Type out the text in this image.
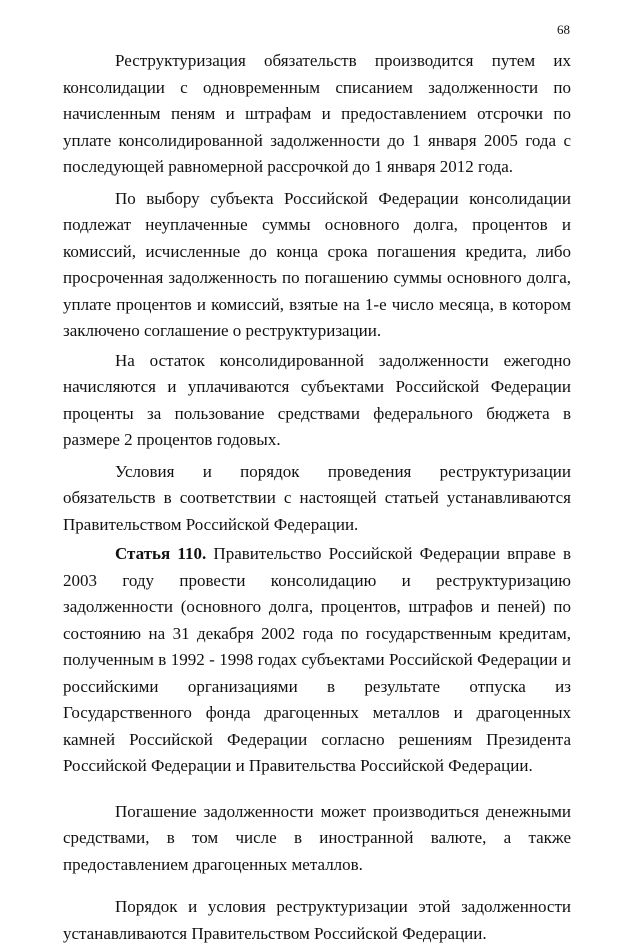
68

Реструктуризация обязательств производится путем их консолидации с одновременным списанием задолженности по начисленным пеням и штрафам и предоставлением отсрочки по уплате консолидированной задолженности до 1 января 2005 года с последующей равномерной рассрочкой до 1 января 2012 года.

По выбору субъекта Российской Федерации консолидации подлежат неуплаченные суммы основного долга, процентов и комиссий, исчисленные до конца срока погашения кредита, либо просроченная задолженность по погашению суммы основного долга, уплате процентов и комиссий, взятые на 1-е число месяца, в котором заключено соглашение о реструктуризации.

На остаток консолидированной задолженности ежегодно начисляются и уплачиваются субъектами Российской Федерации проценты за пользование средствами федерального бюджета в размере 2 процентов годовых.

Условия и порядок проведения реструктуризации обязательств в соответствии с настоящей статьей устанавливаются Правительством Российской Федерации.

Статья 110. Правительство Российской Федерации вправе в 2003 году провести консолидацию и реструктуризацию задолженности (основного долга, процентов, штрафов и пеней) по состоянию на 31 декабря 2002 года по государственным кредитам, полученным в 1992 - 1998 годах субъектами Российской Федерации и российскими организациями в результате отпуска из Государственного фонда драгоценных металлов и драгоценных камней Российской Федерации согласно решениям Президента Российской Федерации и Правительства Российской Федерации.

Погашение задолженности может производиться денежными средствами, в том числе в иностранной валюте, а также предоставлением драгоценных металлов.

Порядок и условия реструктуризации этой задолженности устанавливаются Правительством Российской Федерации.
